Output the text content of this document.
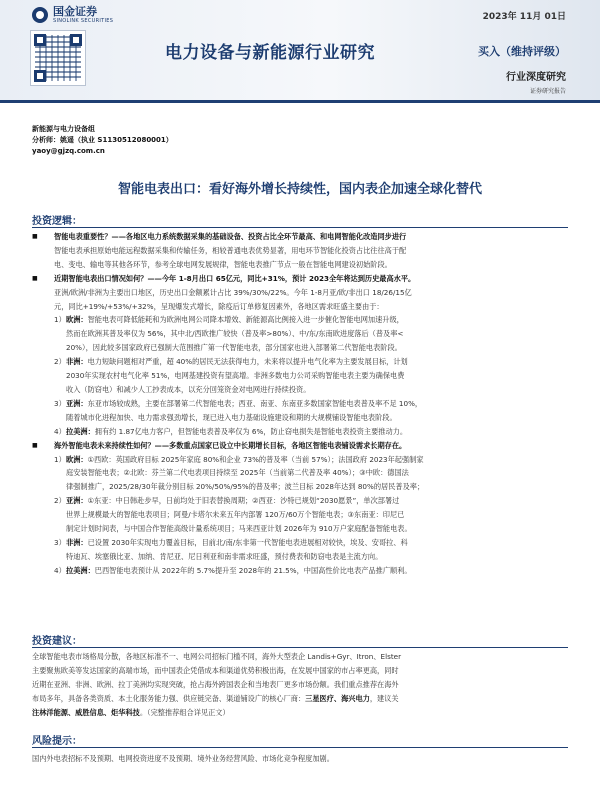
国金证券
SINOLINK SECURITIES	2023年 11月 01日
电力设备与新能源行业研究	买入（维持评级）
行业深度研究
证券研究报告
新能源与电力设备组
分析师：姚遥（执业 S1130512080001）
yaoy@gjzq.com.cn
智能电表出口：看好海外增长持续性，国内表企加速全球化替代
投资逻辑：
■ 智能电表重要性？——各地区电力系统数据采集的基础设备、投资占比全环节最高、和电网智能化改造同步进行
智能电表承担原始电能远程数据采集和传输任务，相较普通电表优势显著，用电环节智能化投资占比往往高于配
电、变电、输电等其他各环节，参考全球电网发展规律，智能电表推广节点一般在智能电网建设初始阶段。
■ 近期智能电表出口情况如何？——今年 1-8月出口 65亿元，同比+31%，预计 2023全年将达到历史最高水平。
亚洲/欧洲/非洲为主要出口地区，历史出口金额累计占比 39%/30%/22%。今年 1-8月亚/欧/非出口 18/26/15亿
元，同比+19%/+53%/+32%，呈现爆发式增长，除疫后订单修复因素外，各地区需求旺盛主要由于：
1） 欧洲：智能电表可降低能耗和为欧洲电网公司降本增效、新能源高比例接入进一步催化智能电网加速升级，
然而在欧洲其普及率仅为 56%，其中北/西欧推广较快（普及率>80%）、中/东/东南欧进度落后（普及率<
20%），因此较多国家政府已强制大范围推广第一代智能电表，部分国家也进入部署第二代智能电表阶段。
2） 非洲：电力短缺问题相对严重，超 40%的居民无法获得电力，未来将以提升电气化率为主要发展目标，计划
2030年实现农村电气化率 51%，电网基建投资有望高增。非洲多数电力公司采购智能电表主要为确保电费
收入（防窃电）和减少人工抄表成本，以充分回笼资金对电网进行持续投资。
3） 亚洲：东亚市场较成熟，主要在部署第二代智能电表；西亚、南亚、东南亚多数国家智能电表普及率不足 10%，
随着城市化进程加快、电力需求强劲增长，现已进入电力基础设施建设和期的大规模铺设智能电表阶段。
4） 拉美洲：拥有约 1.87亿电力客户，但智能电表普及率仅为 6%，防止窃电损失是智能电表投资主要推动力。
■ 海外智能电表未来持续性如何？——多数重点国家已设立中长期增长目标，各地区智能电表铺设需求长期存在。
1） 欧洲：①西欧：英国政府目标 2025年家庭 80%和企业 73%的普及率（当前 57%）；法国政府 2023年起强制家
庭安装智能电表；②北欧：芬兰第二代电表项目持续至 2025年（当前第二代普及率 40%）；③中欧：德国法
律强制推广，2025/28/30年裁分别目标 20%/50%/95%的普及率；波兰目标 2028年达到 80%的居民普及率；
2） 亚洲：①东亚：中日韩赴步早，日前均处于旧表替换周期；②西亚：沙特已规划“2030愿景”，单次部署过
世界上规模最大的智能电表项目；阿曼/卡塔尔未来五年内部署 120万/60万个智能电表；③东南亚：印尼已
制定计划时间表，与中国合作智能高级计量系统项目；马来西亚计划 2026年为 910万户家庭配备智能电表。
3） 非洲：已设置 2030年实现电力覆盖目标，目前北/南/东非第一代智能电表进展相对较快，埃及、安哥拉、科
特迪瓦、埃塞俄比亚、加纳、肯尼亚、尼日利亚和南非需求旺盛，预付费表和防窃电表是主流方向。
4） 拉美洲：巴西智能电表预计从 2022年的 5.7%提升至 2028年的 21.5%，中国高性价比电表产品推广顺利。
投资建议：
全球智能电表市场格局分散，各地区标准不一、电网公司招标门槛不同，海外大型表企 Landis+Gyr、Itron、Elster
主要聚焦欧美等发达国家的高端市场，而中国表企凭借成本和渠道优势积极出海，在发展中国家的市占率更高，同时
近期在亚洲、非洲、欧洲、拉丁美洲均实现突破，抢占海外跨国表企和当地表厂更多市场份额。我们重点推荐在海外
布局多年，具备各类资质、本土化服务能力强、供应链完备、渠道铺设广的核心厂商：三星医疗、海兴电力，建议关
注林洋能源、威胜信息、炬华科技。（完整推荐组合详见正文）
风险提示：
国内外电表招标不及预期、电网投资进度不及预期、境外业务经营风险、市场化竞争程度加剧。
